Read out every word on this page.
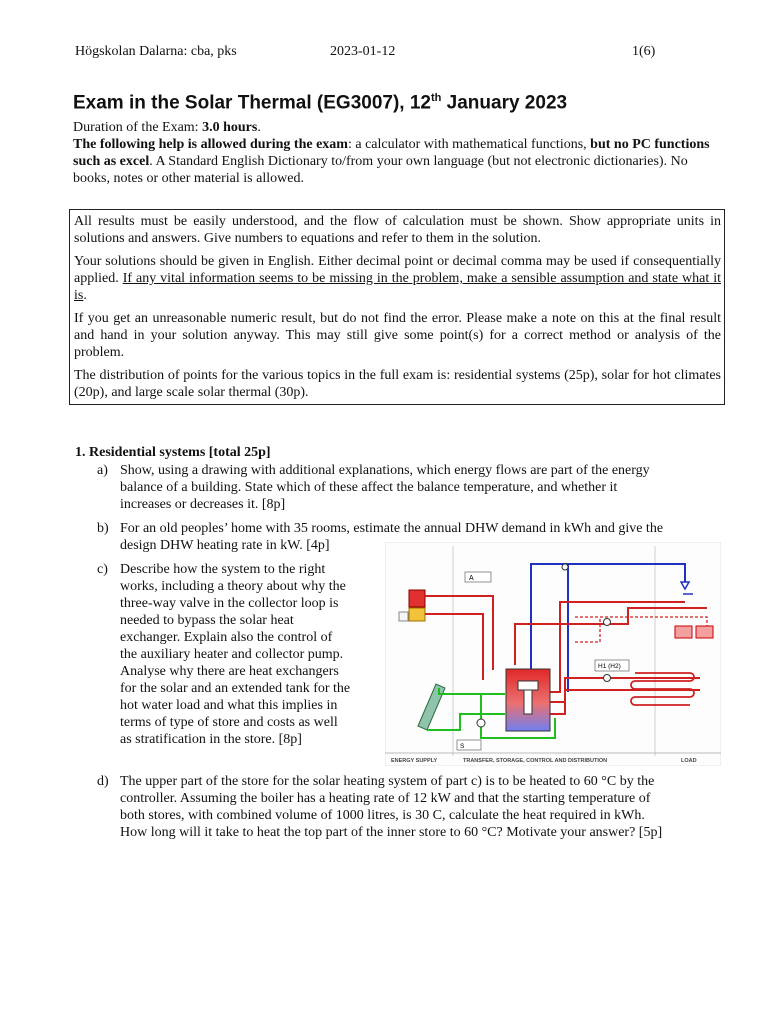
Högskolan Dalarna: cba, pks	2023-01-12	1(6)
Exam in the Solar Thermal (EG3007), 12th January 2023

Duration of the Exam: 3.0 hours.

The following help is allowed during the exam: a calculator with mathematical functions, but no PC functions such as excel. A Standard English Dictionary to/from your own language (but not electronic dictionaries). No books, notes or other material is allowed.

All results must be easily understood, and the flow of calculation must be shown. Show appropriate units in solutions and answers. Give numbers to equations and refer to them in the solution.

Your solutions should be given in English. Either decimal point or decimal comma may be used if consequentially applied. If any vital information seems to be missing in the problem, make a sensible assumption and state what it is.

If you get an unreasonable numeric result, but do not find the error. Please make a note on this at the final result and hand in your solution anyway. This may still give some point(s) for a correct method or analysis of the problem.

The distribution of points for the various topics in the full exam is: residential systems (25p), solar for hot climates (20p), and large scale solar thermal (30p).

1. Residential systems [total 25p]
a) Show, using a drawing with additional explanations, which energy flows are part of the energy
balance of a building. State which of these affect the balance temperature, and whether it
increases or decreases it. [8p]
b) For an old peoples’ home with 35 rooms, estimate the annual DHW demand in kWh and give the
design DHW heating rate in kW. [4p]
c) Describe how the system to the right
works, including a theory about why the
three-way valve in the collector loop is
needed to bypass the solar heat
exchanger. Explain also the control of
the auxiliary heater and collector pump.
Analyse why there are heat exchangers
for the solar and an extended tank for the
hot water load and what this implies in
terms of type of store and costs as well
as stratification in the store. [8p]
d) The upper part of the store for the solar heating system of part c) is to be heated to 60 °C by the
controller. Assuming the boiler has a heating rate of 12 kW and that the starting temperature of
both stores, with combined volume of 1000 litres, is 30 C, calculate the heat required in kWh.
How long will it take to heat the top part of the inner store to 60 °C? Motivate your answer? [5p]
A
H1 (H2)
S
ENERGY SUPPLY	TRANSFER, STORAGE, CONTROL AND DISTRIBUTION	LOAD
